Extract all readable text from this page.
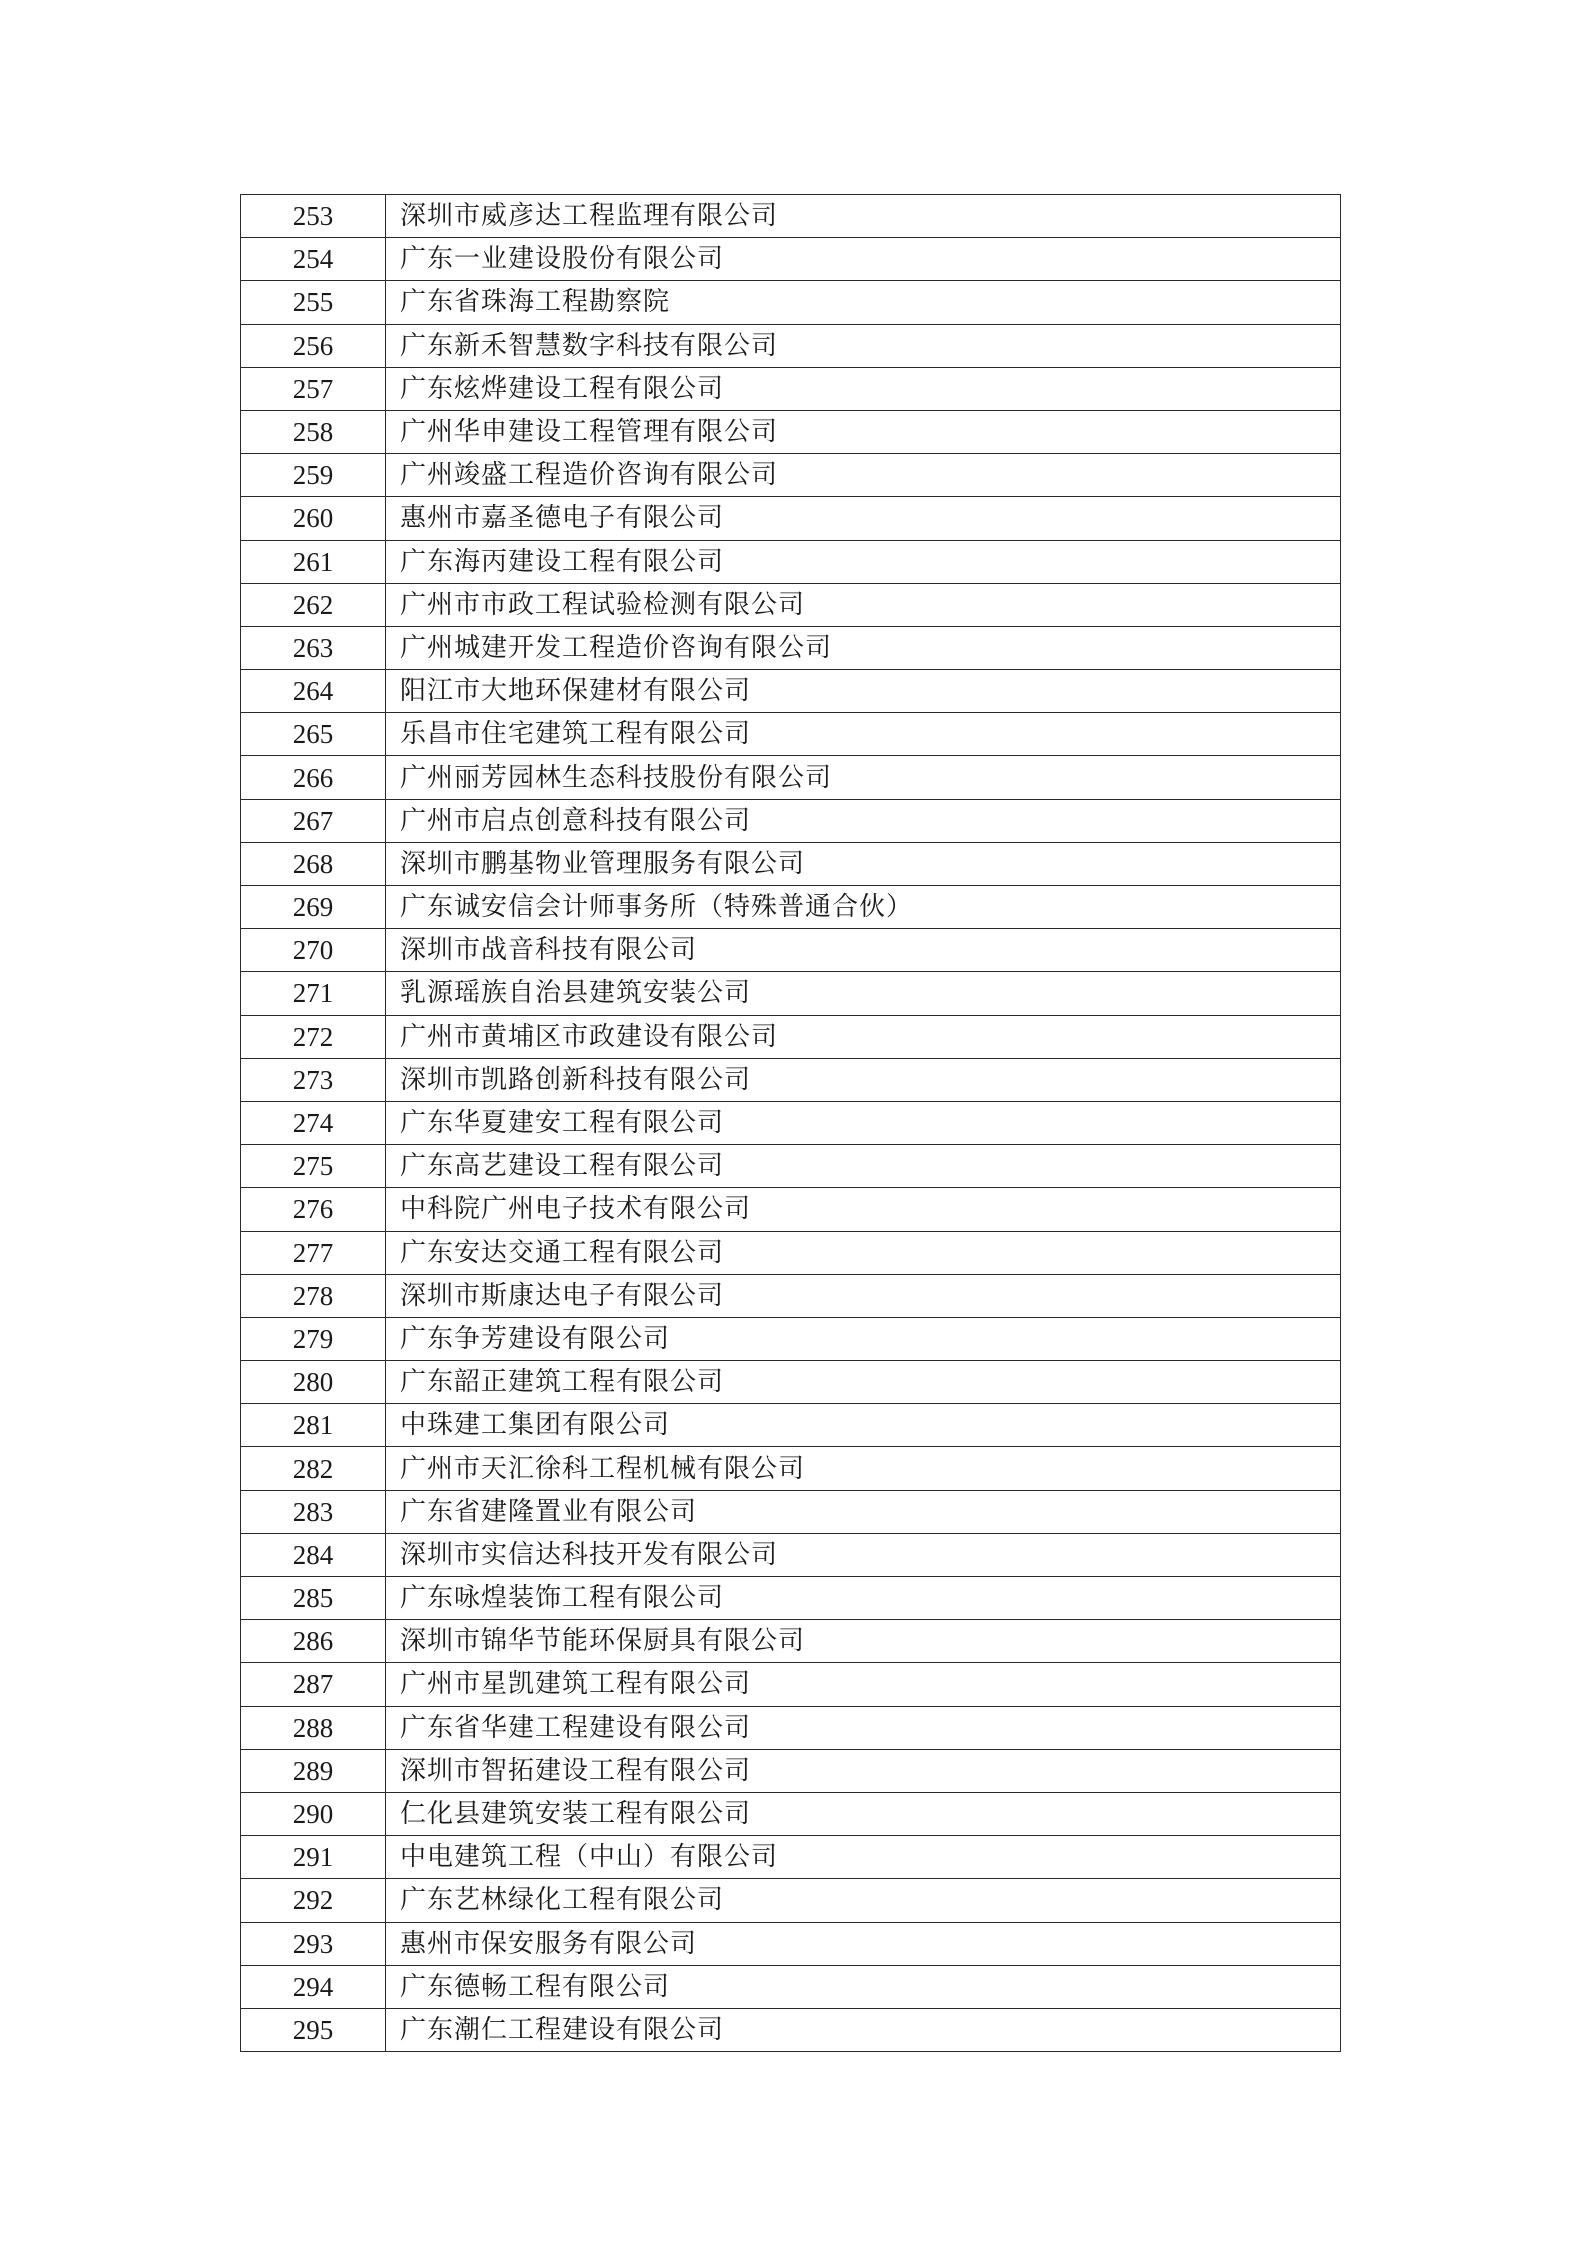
253	深圳市威彦达工程监理有限公司
254	广东一业建设股份有限公司
255	广东省珠海工程勘察院
256	广东新禾智慧数字科技有限公司
257	广东炫烨建设工程有限公司
258	广州华申建设工程管理有限公司
259	广州竣盛工程造价咨询有限公司
260	惠州市嘉圣德电子有限公司
261	广东海丙建设工程有限公司
262	广州市市政工程试验检测有限公司
263	广州城建开发工程造价咨询有限公司
264	阳江市大地环保建材有限公司
265	乐昌市住宅建筑工程有限公司
266	广州丽芳园林生态科技股份有限公司
267	广州市启点创意科技有限公司
268	深圳市鹏基物业管理服务有限公司
269	广东诚安信会计师事务所（特殊普通合伙）
270	深圳市战音科技有限公司
271	乳源瑶族自治县建筑安装公司
272	广州市黄埔区市政建设有限公司
273	深圳市凯路创新科技有限公司
274	广东华夏建安工程有限公司
275	广东高艺建设工程有限公司
276	中科院广州电子技术有限公司
277	广东安达交通工程有限公司
278	深圳市斯康达电子有限公司
279	广东争芳建设有限公司
280	广东韶正建筑工程有限公司
281	中珠建工集团有限公司
282	广州市天汇徐科工程机械有限公司
283	广东省建隆置业有限公司
284	深圳市实信达科技开发有限公司
285	广东咏煌装饰工程有限公司
286	深圳市锦华节能环保厨具有限公司
287	广州市星凯建筑工程有限公司
288	广东省华建工程建设有限公司
289	深圳市智拓建设工程有限公司
290	仁化县建筑安装工程有限公司
291	中电建筑工程（中山）有限公司
292	广东艺林绿化工程有限公司
293	惠州市保安服务有限公司
294	广东德畅工程有限公司
295	广东潮仁工程建设有限公司
